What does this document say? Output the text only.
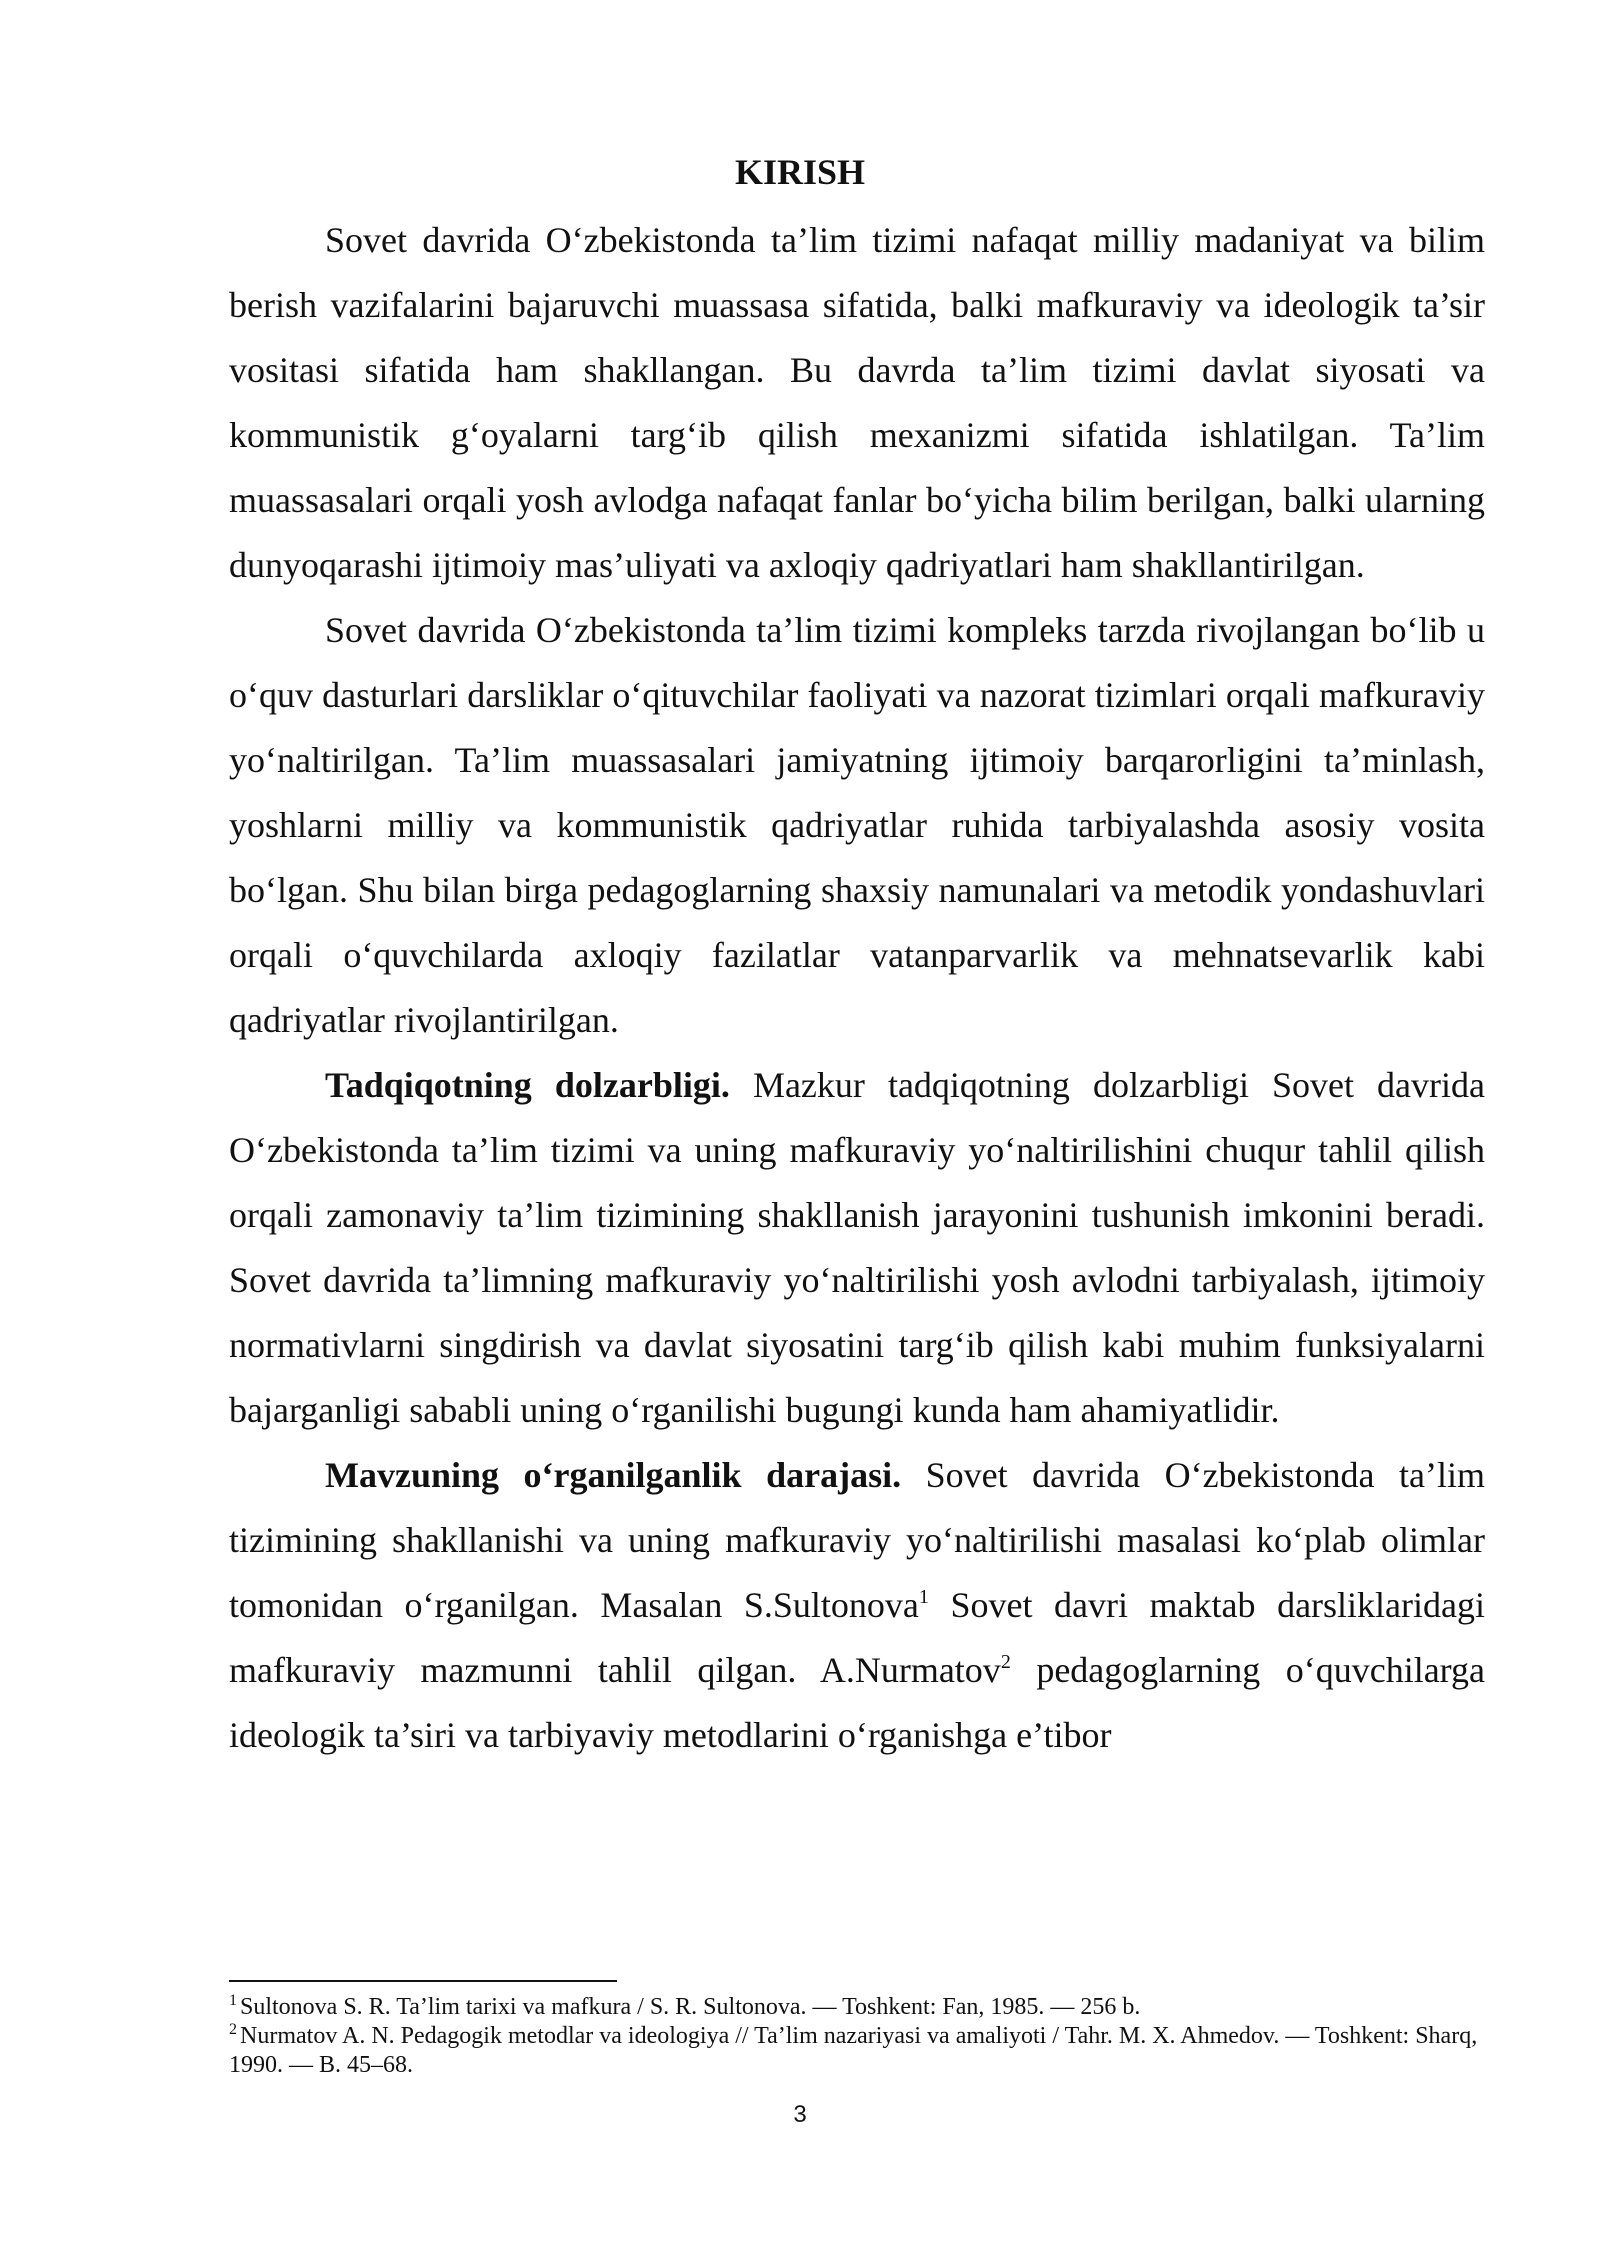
KIRISH

Sovet davrida O‘zbekistonda ta’lim tizimi nafaqat milliy madaniyat va bilim berish vazifalarini bajaruvchi muassasa sifatida, balki mafkuraviy va ideologik ta’sir vositasi sifatida ham shakllangan. Bu davrda ta’lim tizimi davlat siyosati va kommunistik g‘oyalarni targ‘ib qilish mexanizmi sifatida ishlatilgan. Ta’lim muassasalari orqali yosh avlodga nafaqat fanlar bo‘yicha bilim berilgan, balki ularning dunyoqarashi ijtimoiy mas’uliyati va axloqiy qadriyatlari ham shakllantirilgan.

Sovet davrida O‘zbekistonda ta’lim tizimi kompleks tarzda rivojlangan bo‘lib u o‘quv dasturlari darsliklar o‘qituvchilar faoliyati va nazorat tizimlari orqali mafkuraviy yo‘naltirilgan. Ta’lim muassasalari jamiyatning ijtimoiy barqarorligini ta’minlash, yoshlarni milliy va kommunistik qadriyatlar ruhida tarbiyalashda asosiy vosita bo‘lgan. Shu bilan birga pedagoglarning shaxsiy namunalari va metodik yondashuvlari orqali o‘quvchilarda axloqiy fazilatlar vatanparvarlik va mehnatsevarlik kabi qadriyatlar rivojlantirilgan.

Tadqiqotning dolzarbligi. Mazkur tadqiqotning dolzarbligi Sovet davrida O‘zbekistonda ta’lim tizimi va uning mafkuraviy yo‘naltirilishini chuqur tahlil qilish orqali zamonaviy ta’lim tizimining shakllanish jarayonini tushunish imkonini beradi. Sovet davrida ta’limning mafkuraviy yo‘naltirilishi yosh avlodni tarbiyalash, ijtimoiy normativlarni singdirish va davlat siyosatini targ‘ib qilish kabi muhim funksiyalarni bajarganligi sababli uning o‘rganilishi bugungi kunda ham ahamiyatlidir.

Mavzuning o‘rganilganlik darajasi. Sovet davrida O‘zbekistonda ta’lim tizimining shakllanishi va uning mafkuraviy yo‘naltirilishi masalasi ko‘plab olimlar tomonidan o‘rganilgan. Masalan S.Sultonova$^1$ Sovet davri maktab darsliklaridagi mafkuraviy mazmunni tahlil qilgan. A.Nurmatov$^2$ pedagoglarning o‘quvchilarga ideologik ta’siri va tarbiyaviy metodlarini o‘rganishga e’tibor

$^1$ Sultonova S. R. Ta’lim tarixi va mafkura / S. R. Sultonova. — Toshkent: Fan, 1985. — 256 b.

$^2$ Nurmatov A. N. Pedagogik metodlar va ideologiya // Ta’lim nazariyasi va amaliyoti / Tahr. M. X. Ahmedov. — Toshkent: Sharq, 1990. — B. 45–68.

3
